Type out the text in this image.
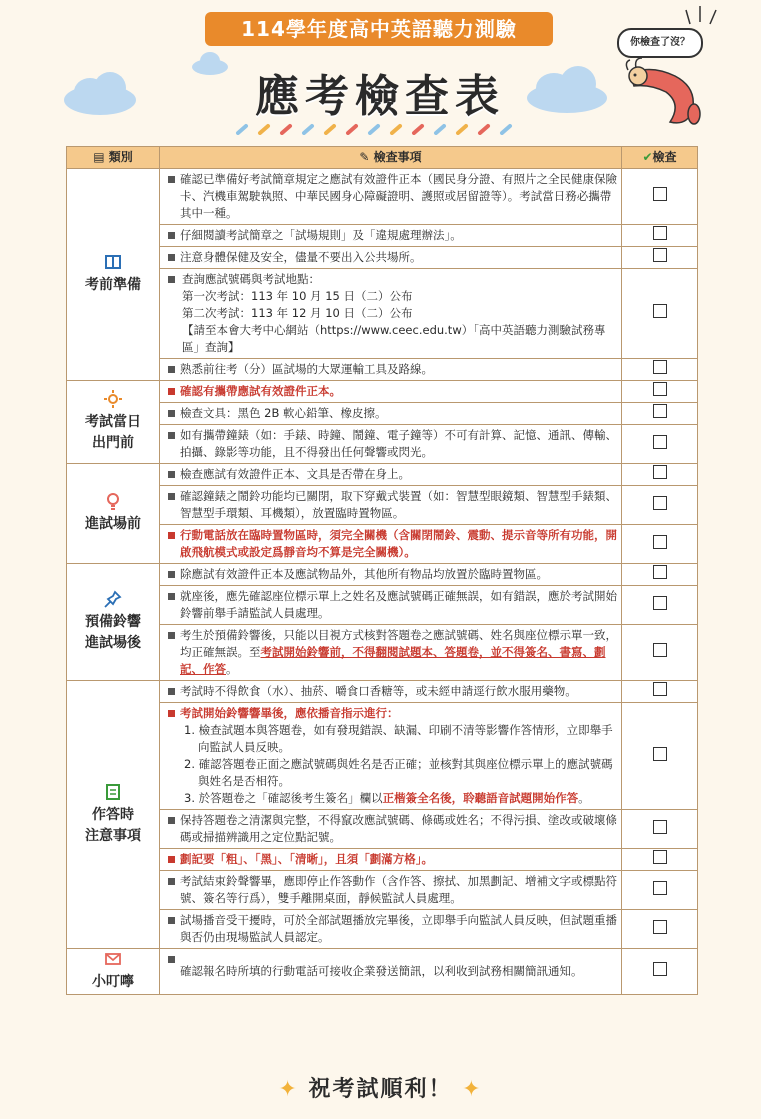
114學年度高中英語聽力測驗
應考檢查表
你檢查了沒？
▤ 類別	✎ 檢查事項	✔檢查

考前準備	確認已準備好考試簡章規定之應試有效證件正本（國民身分證、有照片之全民健康保險卡、汽機車駕駛執照、中華民國身心障礙證明、護照或居留證等）。考試當日務必攜帶其中一種。	
	仔細閱讀考試簡章之「試場規則」及「違規處理辦法」。	
	注意身體保健及安全，儘量不要出入公共場所。	

	查詢應試號碼與考試地點：
第一次考試：113 年 10 月 15 日（二）公布
第二次考試：113 年 12 月 10 日（二）公布
【請至本會大考中心網站（https://www.ceec.edu.tw）「高中英語聽力測驗試務專區」查詢】	

	熟悉前往考（分）區試場的大眾運輸工具及路線。	

考試當日
出門前	確認有攜帶應試有效證件正本。	
	檢查文具：黑色 2B 軟心鉛筆、橡皮擦。	
	如有攜帶鐘錶（如：手錶、時鐘、鬧鐘、電子鐘等）不可有計算、記憶、通訊、傳輸、拍攝、錄影等功能，且不得發出任何聲響或閃光。	

進試場前	檢查應試有效證件正本、文具是否帶在身上。	
	確認鐘錶之鬧鈴功能均已關閉，取下穿戴式裝置（如：智慧型眼鏡類、智慧型手錶類、智慧型手環類、耳機類），放置臨時置物區。	
	行動電話放在臨時置物區時，須完全關機（含關閉鬧鈴、震動、提示音等所有功能，開啟飛航模式或設定爲靜音均不算是完全關機）。	

預備鈴響
進試場後	除應試有效證件正本及應試物品外，其他所有物品均放置於臨時置物區。	
	就座後，應先確認座位標示單上之姓名及應試號碼正確無誤，如有錯誤，應於考試開始鈴響前舉手請監試人員處理。	
	考生於預備鈴響後，只能以目視方式核對答題卷之應試號碼、姓名與座位標示單一致，均正確無誤。至考試開始鈴響前，不得翻閱試題本、答題卷，並不得簽名、書寫、劃記、作答。	

作答時
注意事項	考試時不得飲食（水）、抽菸、嚼食口香糖等，或未經申請逕行飲水服用藥物。	
	考試開始鈴響響畢後，應依播音指示進行：
1. 檢查試題本與答題卷，如有發現錯誤、缺漏、印刷不清等影響作答情形，立即舉手向監試人員反映。
2. 確認答題卷正面之應試號碼與姓名是否正確；並核對其與座位標示單上的應試號碼與姓名是否相符。
3. 於答題卷之「確認後考生簽名」欄以正楷簽全名後，聆聽語音試題開始作答。	

	保持答題卷之清潔與完整，不得竄改應試號碼、條碼或姓名；不得污損、塗改或破壞條碼或掃描辨識用之定位點記號。	
	劃記要「粗」、「黑」、「清晰」，且須「劃滿方格」。	
	考試結束鈴聲響畢，應即停止作答動作（含作答、擦拭、加黑劃記、增補文字或標點符號、簽名等行爲），雙手離開桌面，靜候監試人員處理。	
	試場播音受干擾時，可於全部試題播放完畢後，立即舉手向監試人員反映，但試題重播與否仍由現場監試人員認定。	

小叮嚀	確認報名時所填的行動電話可接收企業發送簡訊，以利收到試務相關簡訊通知。	
✦ 祝考試順利！ ✦
